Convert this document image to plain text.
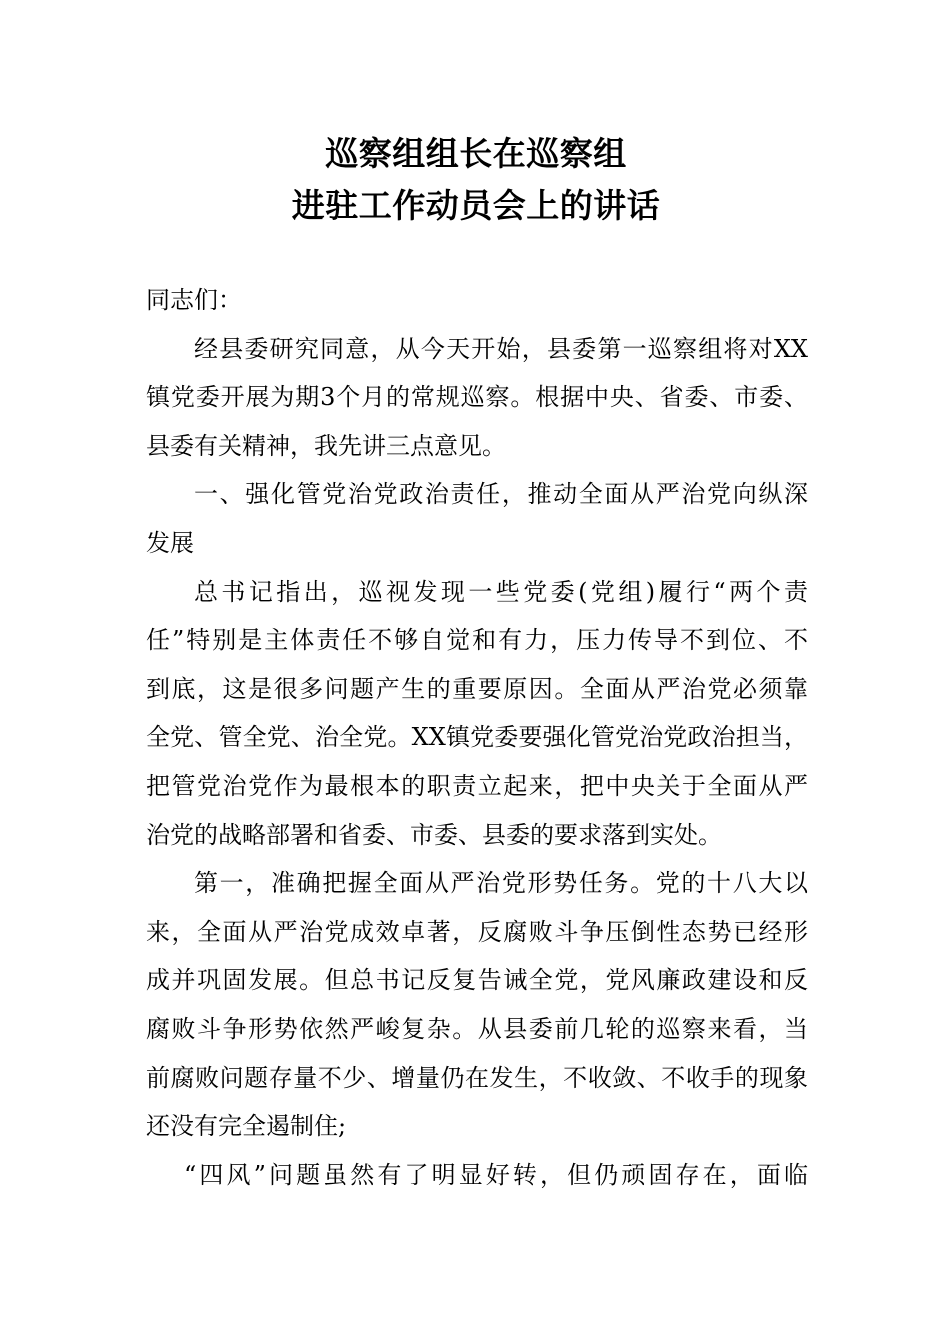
巡察组组长在巡察组
进驻工作动员会上的讲话
同志们：
经县委研究同意，从今天开始，县委第一巡察组将对XX
镇党委开展为期3个月的常规巡察。根据中央、省委、市委、
县委有关精神，我先讲三点意见。
一、强化管党治党政治责任，推动全面从严治党向纵深
发展
总书记指出，巡视发现一些党委(党组)履行“两个责
任”特别是主体责任不够自觉和有力，压力传导不到位、不
到底，这是很多问题产生的重要原因。全面从严治党必须靠
全党、管全党、治全党。XX镇党委要强化管党治党政治担当，
把管党治党作为最根本的职责立起来，把中央关于全面从严
治党的战略部署和省委、市委、县委的要求落到实处。
第一，准确把握全面从严治党形势任务。党的十八大以
来，全面从严治党成效卓著，反腐败斗争压倒性态势已经形
成并巩固发展。但总书记反复告诫全党，党风廉政建设和反
腐败斗争形势依然严峻复杂。从县委前几轮的巡察来看，当
前腐败问题存量不少、增量仍在发生，不收敛、不收手的现象
还没有完全遏制住;
“四风”问题虽然有了明显好转，但仍顽固存在，面临
